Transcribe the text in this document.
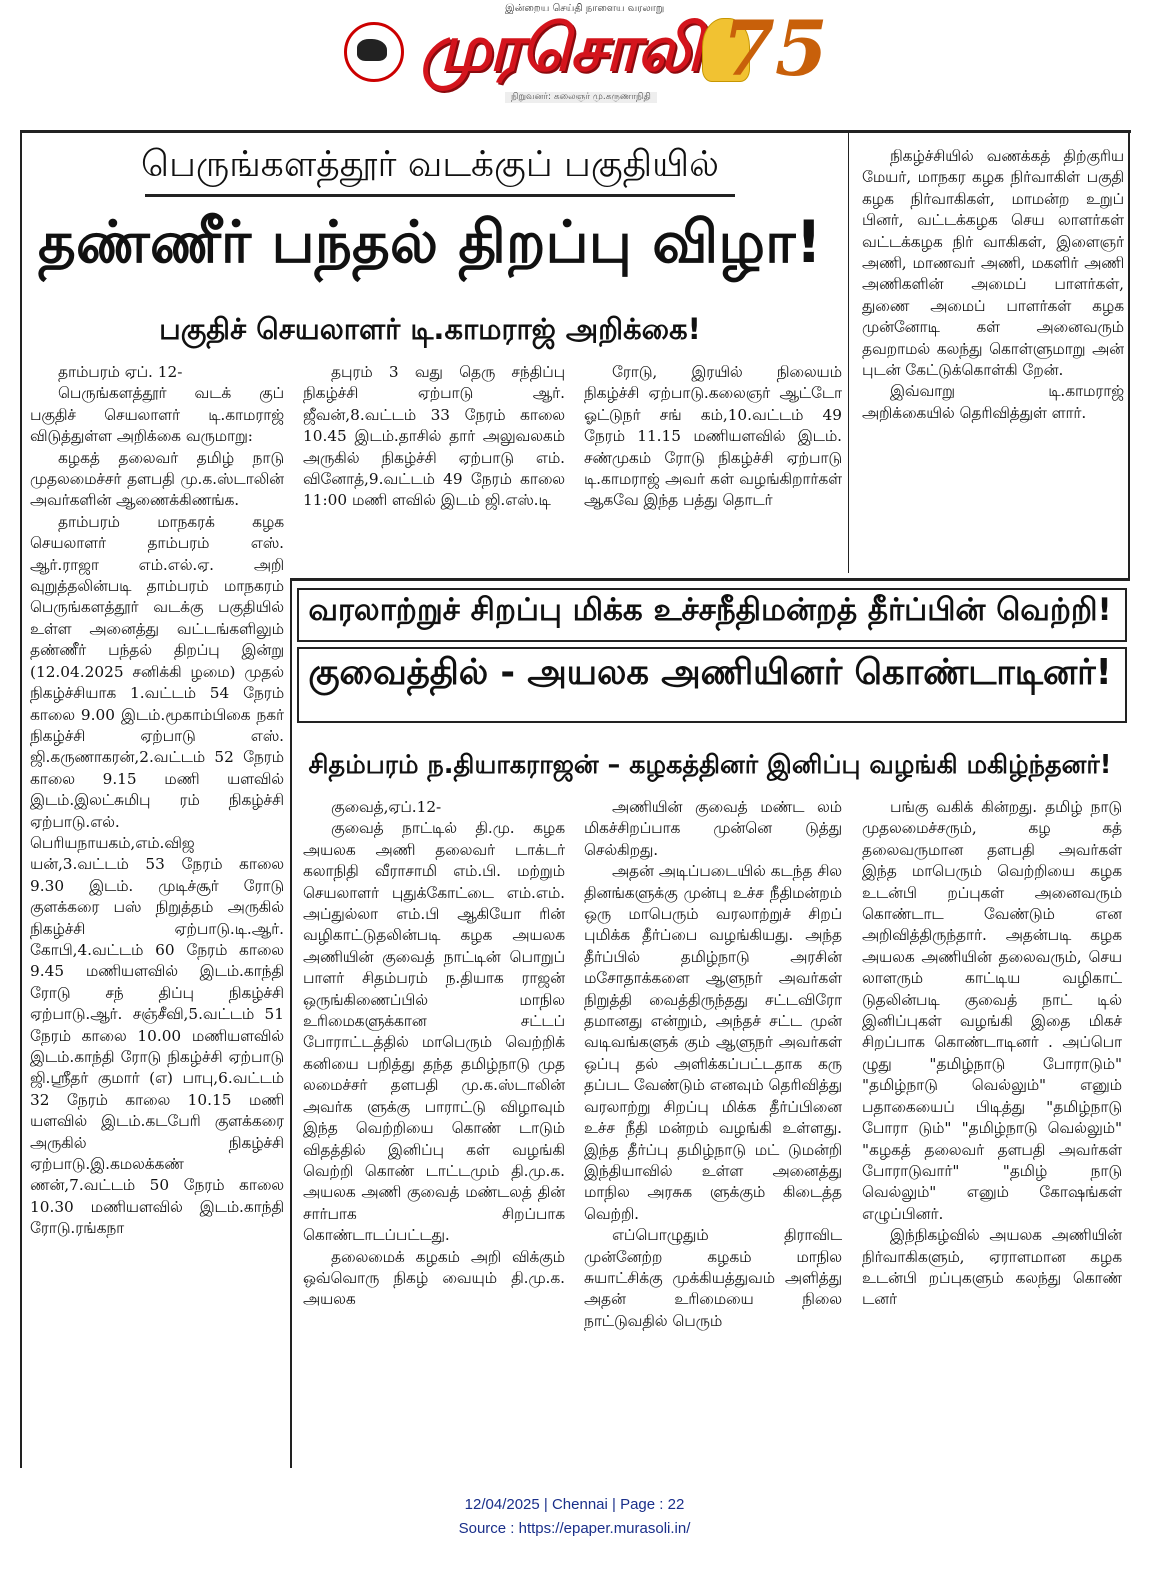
இன்றைய செய்தி நாளைய வரலாறு
முரசொலி 75
நிறுவனர்: கலைஞர் மு.கருணாநிதி
பெருங்களத்தூர் வடக்குப் பகுதியில்
தண்ணீர் பந்தல் திறப்பு விழா!
பகுதிச் செயலாளர் டி.காமராஜ் அறிக்கை!

தாம்பரம் ஏப். 12-

பெருங்களத்தூர் வடக் குப் பகுதிச் செயலாளர் டி.காமராஜ் விடுத்துள்ள அறிக்கை வருமாறு:

கழகத் தலைவர் தமிழ் நாடு முதலமைச்சர் தளபதி மு.க.ஸ்டாலின் அவர்களின் ஆணைக்கிணங்க.

தாம்பரம் மாநகரக் கழக செயலாளர் தாம்பரம் எஸ். ஆர்.ராஜா எம்.எல்.ஏ. அறி வுறுத்தலின்படி தாம்பரம் மாநகரம் பெருங்களத்தூர் வடக்கு பகுதியில் உள்ள அனைத்து வட்டங்களிலும் தண்ணீர் பந்தல் திறப்பு இன்று (12.04.2025 சனிக்கி ழமை) முதல் நிகழ்ச்சியாக 1.வட்டம் 54 நேரம் காலை 9.00 இடம்.மூகாம்பிகை நகர் நிகழ்ச்சி ஏற்பாடு எஸ். ஜி.கருணாகரன்,2.வட்டம் 52 நேரம் காலை 9.15 மணி யளவில் இடம்.இலட்சுமிபு ரம் நிகழ்ச்சி ஏற்பாடு.எல். பெரியநாயகம்,எம்.விஜ யன்,3.வட்டம் 53 நேரம் காலை 9.30 இடம். முடிச்சூர் ரோடு குளக்கரை பஸ் நிறுத்தம் அருகில் நிகழ்ச்சி ஏற்பாடு.டி.ஆர். கோபி,4.வட்டம் 60 நேரம் காலை 9.45 மணியளவில் இடம்.காந்தி ரோடு சந் திப்பு நிகழ்ச்சி ஏற்பாடு.ஆர். சஞ்சீவி,5.வட்டம் 51 நேரம் காலை 10.00 மணியளவில் இடம்.காந்தி ரோடு நிகழ்ச்சி ஏற்பாடு ஜி.ஸ்ரீதர் குமார் (எ) பாபு,6.வட்டம் 32 நேரம் காலை 10.15 மணி யளவில் இடம்.கடபேரி குளக்கரை அருகில் நிகழ்ச்சி ஏற்பாடு.இ.கமலக்கண் ணன்,7.வட்டம் 50 நேரம் காலை 10.30 மணியளவில் இடம்.காந்தி ரோடு.ரங்கநா

தபுரம் 3 வது தெரு சந்திப்பு நிகழ்ச்சி ஏற்பாடு ஆர். ஜீவன்,8.வட்டம் 33 நேரம் காலை 10.45 இடம்.தாசில் தார் அலுவலகம் அருகில் நிகழ்ச்சி ஏற்பாடு எம். வினோத்,9.வட்டம் 49 நேரம் காலை 11:00 மணி ளவில் இடம் ஜி.எஸ்.டி

ரோடு, இரயில் நிலையம் நிகழ்ச்சி ஏற்பாடு.கலைஞர் ஆட்டோ ஓட்டுநர் சங் கம்,10.வட்டம் 49 நேரம் 11.15 மணியளவில் இடம். சண்முகம் ரோடு நிகழ்ச்சி ஏற்பாடு டி.காமராஜ் அவர் கள் வழங்கிறார்கள் ஆகவே இந்த பத்து தொடர்

நிகழ்ச்சியில் வணக்கத் திற்குரிய மேயர், மாநகர கழக நிர்வாகிள் பகுதி கழக நிர்வாகிகள், மாமன்ற உறுப் பினர், வட்டக்கழக செய லாளர்கள் வட்டக்கழக நிர் வாகிகள், இளைஞர் அணி, மாணவர் அணி, மகளிர் அணி அணிகளின் அமைப் பாளர்கள், துணை அமைப் பாளர்கள் கழக முன்னோடி கள் அனைவரும் தவறாமல் கலந்து கொள்ளுமாறு அன் புடன் கேட்டுக்கொள்கி றேன்.

இவ்வாறு டி.காமராஜ் அறிக்கையில் தெரிவித்துள் ளார்.

வரலாற்றுச் சிறப்பு மிக்க உச்சநீதிமன்றத் தீர்ப்பின் வெற்றி!
குவைத்தில் - அயலக அணியினர் கொண்டாடினர்!
சிதம்பரம் ந.தியாகராஜன் – கழகத்தினர் இனிப்பு வழங்கி மகிழ்ந்தனர்!

குவைத்,ஏப்.12-

குவைத் நாட்டில் தி.மு. கழக அயலக அணி தலைவர் டாக்டர் கலாநிதி வீராசாமி எம்.பி. மற்றும் செயலாளர் புதுக்கோட்டை எம்.எம். அப்துல்லா எம்.பி ஆகியோ ரின் வழிகாட்டுதலின்படி கழக அயலக அணியின் குவைத் நாட்டின் பொறுப் பாளர் சிதம்பரம் ந.தியாக ராஜன் ஒருங்கிணைப்பில் மாநில உரிமைகளுக்கான சட்டப் போராட்டத்தில் மாபெரும் வெற்றிக் கனியை பறித்து தந்த தமிழ்நாடு முத லமைச்சர் தளபதி மு.க.ஸ்டாலின் அவர்க ளுக்கு பாராட்டு விழாவும் இந்த வெற்றியை கொண் டாடும் விதத்தில் இனிப்பு கள் வழங்கி வெற்றி கொண் டாட்டமும் தி.மு.க. அயலக அணி குவைத் மண்டலத் தின் சார்பாக சிறப்பாக கொண்டாடப்பட்டது.

தலைமைக் கழகம் அறி விக்கும் ஒவ்வொரு நிகழ் வையும் தி.மு.க. அயலக

அணியின் குவைத் மண்ட லம் மிகச்சிறப்பாக முன்னெ டுத்து செல்கிறது.

அதன் அடிப்படையில் கடந்த சில தினங்களுக்கு முன்பு உச்ச நீதிமன்றம் ஒரு மாபெரும் வரலாற்றுச் சிறப் புமிக்க தீர்ப்பை வழங்கியது. அந்த தீர்ப்பில் தமிழ்நாடு அரசின் மசோதாக்களை ஆளுநர் அவர்கள் நிறுத்தி வைத்திருந்தது சட்டவிரோ தமானது என்றும், அந்தச் சட்ட முன் வடிவங்களுக் கும் ஆளுநர் அவர்கள் ஒப்பு தல் அளிக்கப்பட்டதாக கரு தப்பட வேண்டும் எனவும் தெரிவித்து வரலாற்று சிறப்பு மிக்க தீர்ப்பினை உச்ச நீதி மன்றம் வழங்கி உள்ளது. இந்த தீர்ப்பு தமிழ்நாடு மட் டுமன்றி இந்தியாவில் உள்ள அனைத்து மாநில அரசுக ளுக்கும் கிடைத்த வெற்றி.

எப்பொழுதும் திராவிட முன்னேற்ற கழகம் மாநில சுயாட்சிக்கு முக்கியத்துவம் அளித்து அதன் உரிமையை நிலை நாட்டுவதில் பெரும்

பங்கு வகிக் கின்றது. தமிழ் நாடு முதலமைச்சரும், கழ கத் தலைவருமான தளபதி அவர்கள் இந்த மாபெரும் வெற்றியை கழக உடன்பி றப்புகள் அனைவரும் கொண்டாட வேண்டும் என அறிவித்திருந்தார். அதன்படி கழக அயலக அணியின் தலைவரும், செய லாளரும் காட்டிய வழிகாட் டுதலின்படி குவைத் நாட் டில் இனிப்புகள் வழங்கி இதை மிகச் சிறப்பாக கொண்டாடினர் . அப்பொ ழுது "தமிழ்நாடு போராடும்" "தமிழ்நாடு வெல்லும்" எனும் பதாகையைப் பிடித்து "தமிழ்நாடு போரா டும்" "தமிழ்நாடு வெல்லும்" "கழகத் தலைவர் தளபதி அவர்கள் போராடுவார்" "தமிழ் நாடு வெல்லும்" எனும் கோஷங்கள் எழுப்பினர்.

இந்நிகழ்வில் அயலக அணியின் நிர்வாகிகளும், ஏராளமான கழக உடன்பி றப்புகளும் கலந்து கொண் டனர்

12/04/2025 | Chennai | Page : 22
Source : https://epaper.murasoli.in/
